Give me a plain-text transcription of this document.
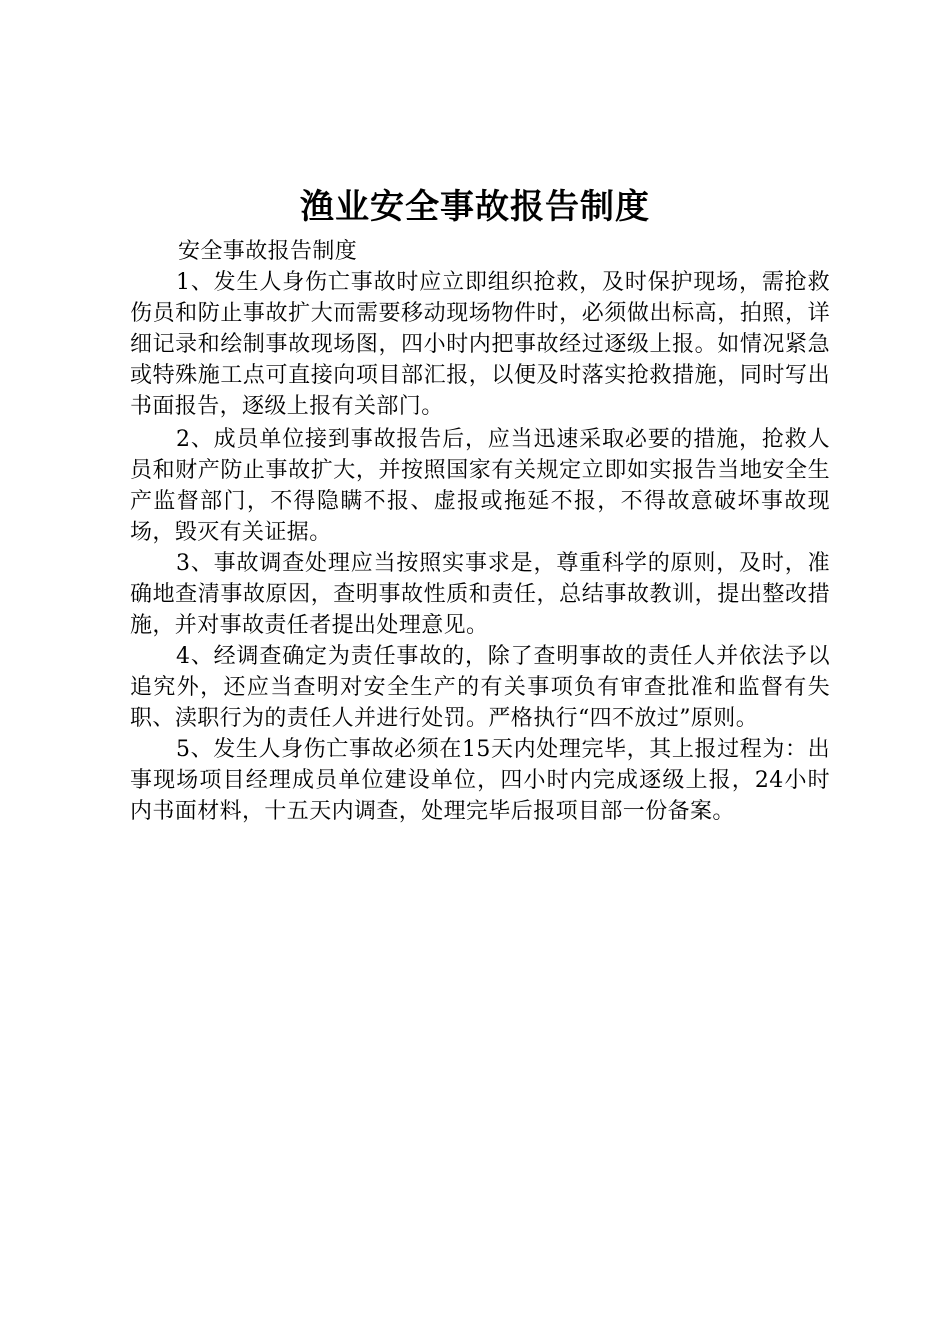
渔业安全事故报告制度

安全事故报告制度

1、发生人身伤亡事故时应立即组织抢救，及时保护现场，需抢救伤员和防止事故扩大而需要移动现场物件时，必须做出标高，拍照，详细记录和绘制事故现场图，四小时内把事故经过逐级上报。如情况紧急或特殊施工点可直接向项目部汇报，以便及时落实抢救措施，同时写出书面报告，逐级上报有关部门。

2、成员单位接到事故报告后，应当迅速采取必要的措施，抢救人员和财产防止事故扩大，并按照国家有关规定立即如实报告当地安全生产监督部门，不得隐瞒不报、虚报或拖延不报，不得故意破坏事故现场，毁灭有关证据。

3、事故调查处理应当按照实事求是，尊重科学的原则，及时，准确地查清事故原因，查明事故性质和责任，总结事故教训，提出整改措施，并对事故责任者提出处理意见。

4、经调查确定为责任事故的，除了查明事故的责任人并依法予以追究外，还应当查明对安全生产的有关事项负有审查批准和监督有失职、渎职行为的责任人并进行处罚。严格执行“四不放过”原则。

5、发生人身伤亡事故必须在15天内处理完毕，其上报过程为：出事现场项目经理成员单位建设单位，四小时内完成逐级上报，24小时内书面材料，十五天内调查，处理完毕后报项目部一份备案。
